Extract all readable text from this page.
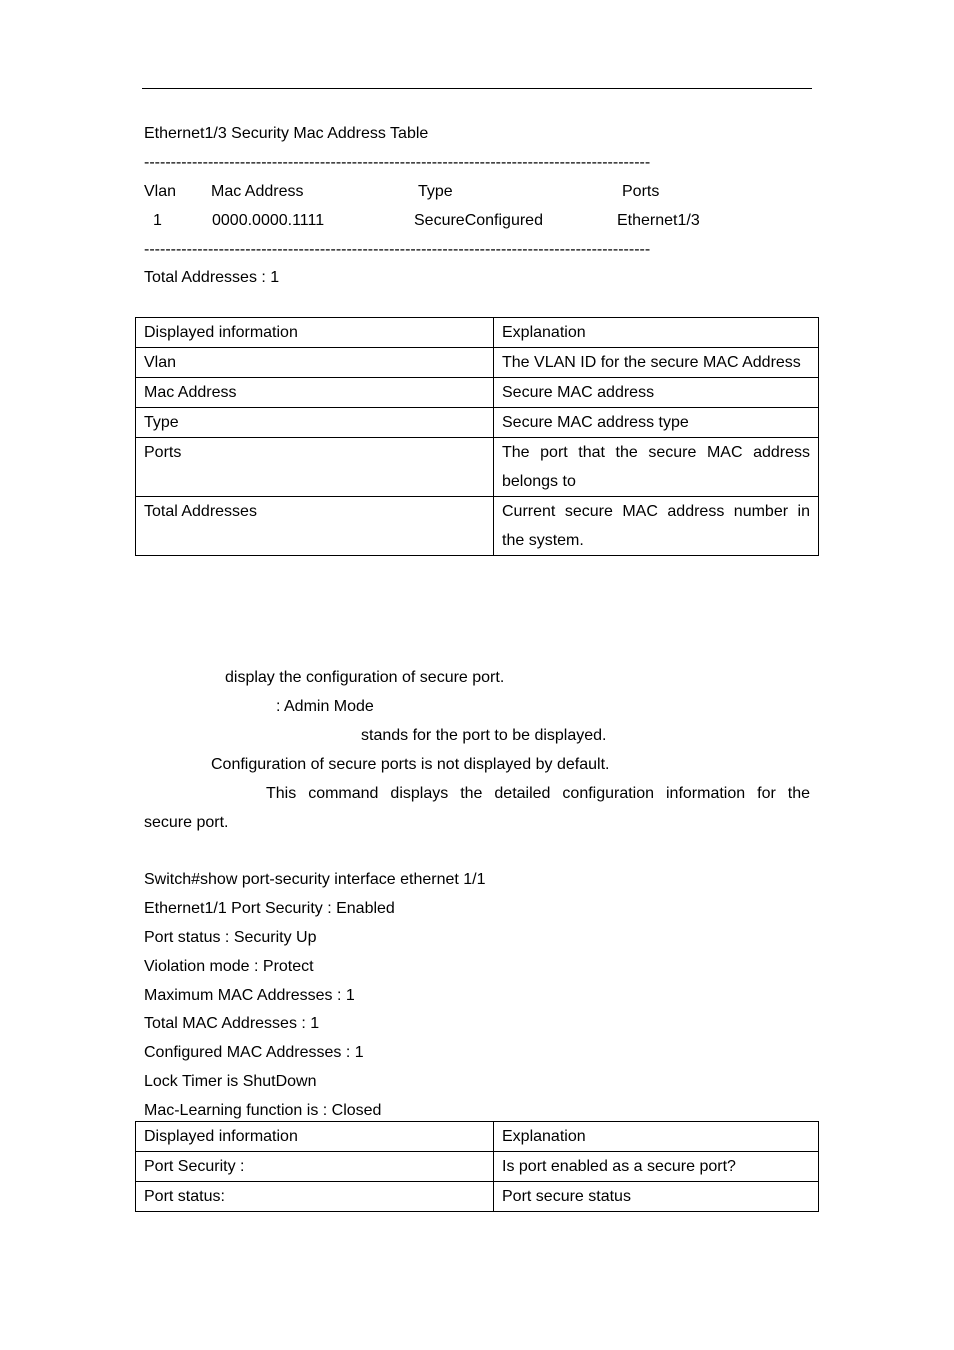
Ethernet1/3 Security Mac Address Table
-----------------------------------------------------------------------------------------------
Vlan Mac Address	Type	Ports
1	0000.0000.1111	SecureConfigured	Ethernet1/3
-----------------------------------------------------------------------------------------------
Total Addresses : 1
Displayed information	Explanation
Vlan	The VLAN ID for the secure MAC Address
Mac Address	Secure MAC address
Type	Secure MAC address type
Ports	The port that the secure MAC address belongs to
Total Addresses	Current secure MAC address number in the system.
display the configuration of secure port.
: Admin Mode
stands for the port to be displayed.
Configuration of secure ports is not displayed by default.
This command displays the detailed configuration information for the
secure port.
Switch#show port-security interface ethernet 1/1
Ethernet1/1 Port Security : Enabled
Port status : Security Up
Violation mode : Protect
Maximum MAC Addresses : 1
Total MAC Addresses : 1
Configured MAC Addresses : 1
Lock Timer is ShutDown
Mac-Learning function is : Closed
Displayed information	Explanation
Port Security :	Is port enabled as a secure port?
Port status:	Port secure status
